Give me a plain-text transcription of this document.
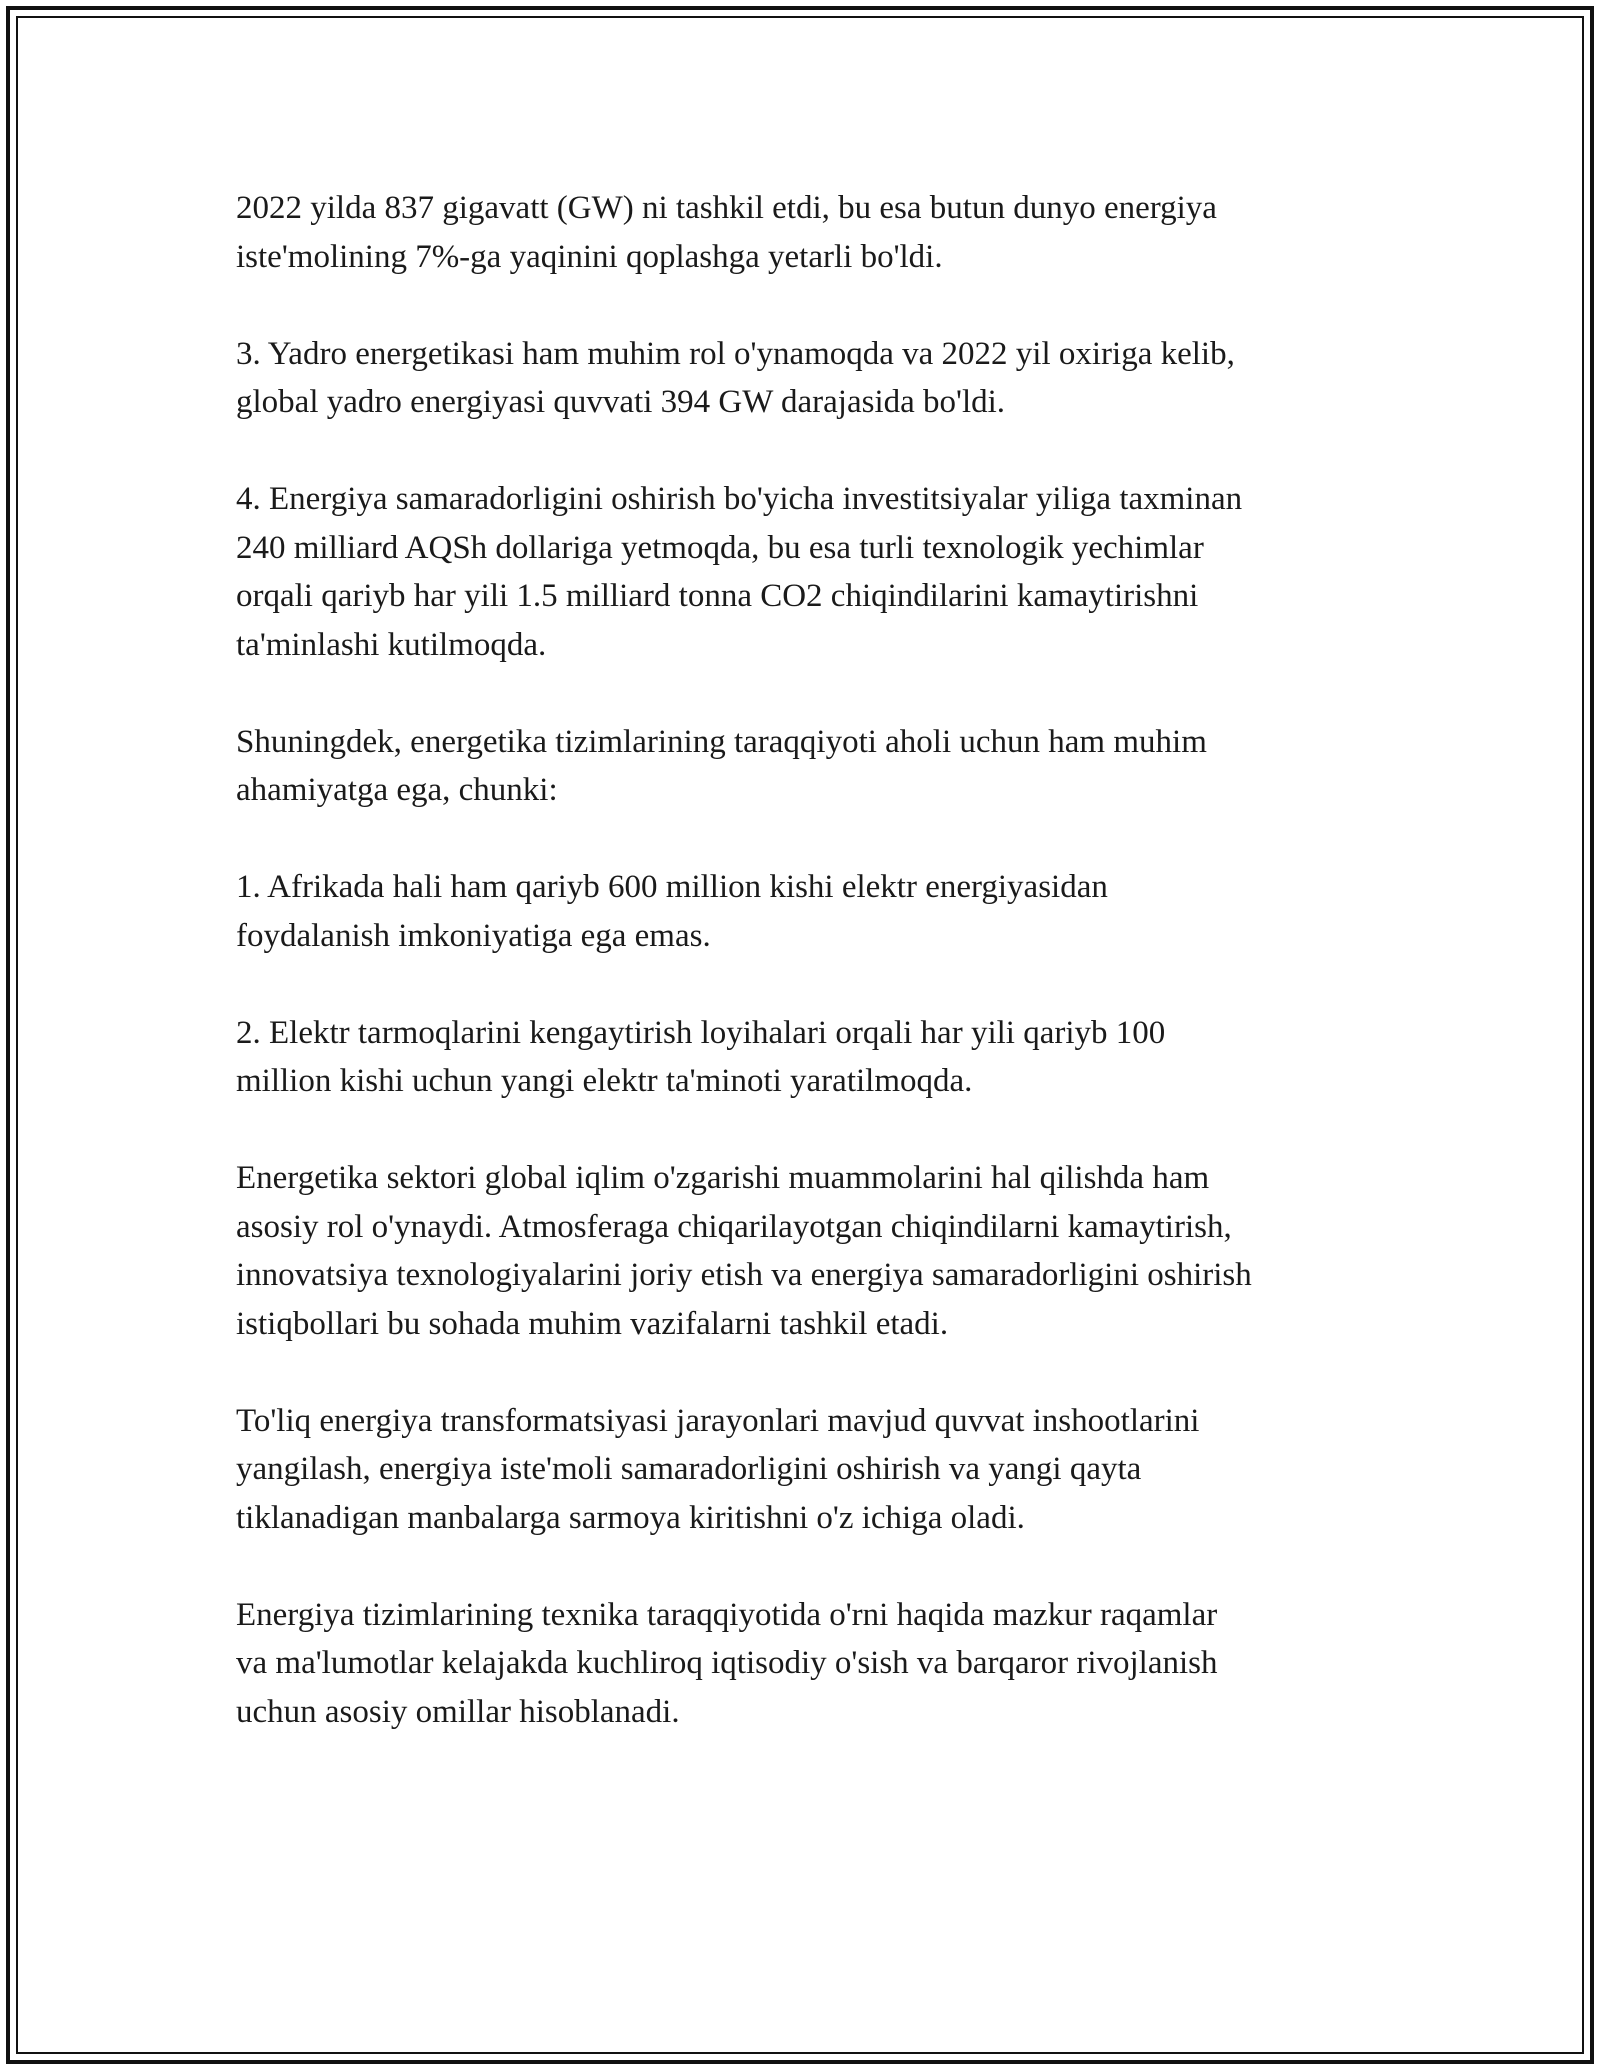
2022 yilda 837 gigavatt (GW) ni tashkil etdi, bu esa butun dunyo energiya
iste'molining 7%-ga yaqinini qoplashga yetarli bo'ldi.

3. Yadro energetikasi ham muhim rol o'ynamoqda va 2022 yil oxiriga kelib,
global yadro energiyasi quvvati 394 GW darajasida bo'ldi.

4. Energiya samaradorligini oshirish bo'yicha investitsiyalar yiliga taxminan
240 milliard AQSh dollariga yetmoqda, bu esa turli texnologik yechimlar
orqali qariyb har yili 1.5 milliard tonna CO2 chiqindilarini kamaytirishni
ta'minlashi kutilmoqda.

Shuningdek, energetika tizimlarining taraqqiyoti aholi uchun ham muhim
ahamiyatga ega, chunki:

1. Afrikada hali ham qariyb 600 million kishi elektr energiyasidan
foydalanish imkoniyatiga ega emas.

2. Elektr tarmoqlarini kengaytirish loyihalari orqali har yili qariyb 100
million kishi uchun yangi elektr ta'minoti yaratilmoqda.

Energetika sektori global iqlim o'zgarishi muammolarini hal qilishda ham
asosiy rol o'ynaydi. Atmosferaga chiqarilayotgan chiqindilarni kamaytirish,
innovatsiya texnologiyalarini joriy etish va energiya samaradorligini oshirish
istiqbollari bu sohada muhim vazifalarni tashkil etadi.

To'liq energiya transformatsiyasi jarayonlari mavjud quvvat inshootlarini
yangilash, energiya iste'moli samaradorligini oshirish va yangi qayta
tiklanadigan manbalarga sarmoya kiritishni o'z ichiga oladi.

Energiya tizimlarining texnika taraqqiyotida o'rni haqida mazkur raqamlar
va ma'lumotlar kelajakda kuchliroq iqtisodiy o'sish va barqaror rivojlanish
uchun asosiy omillar hisoblanadi.
